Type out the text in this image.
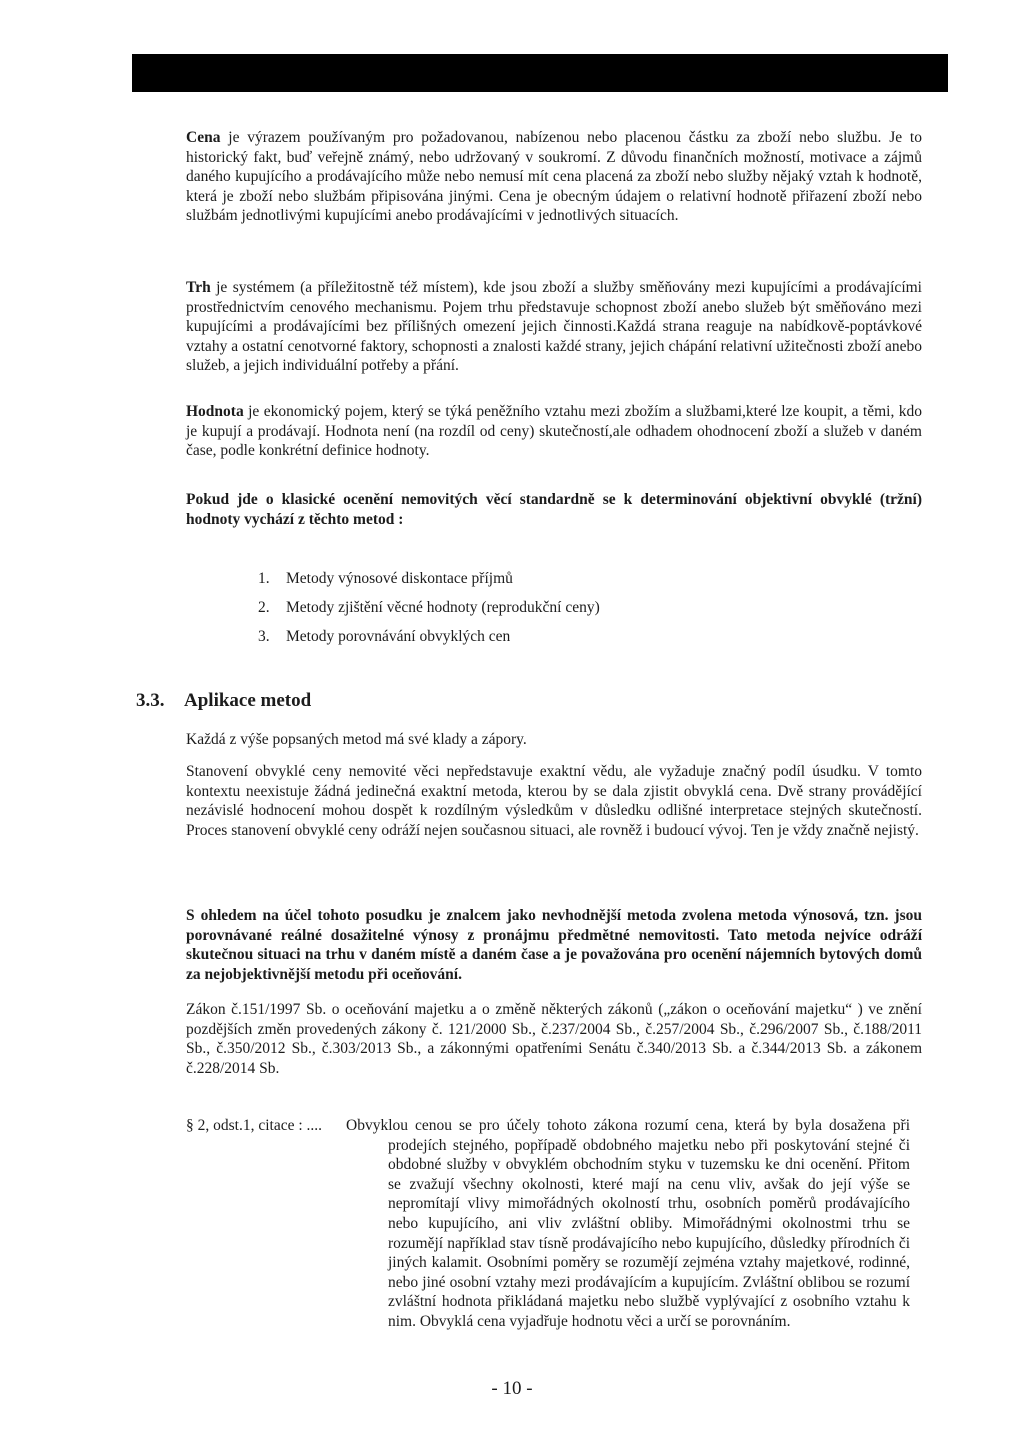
Cena je výrazem používaným pro požadovanou, nabízenou nebo placenou částku za zboží nebo službu. Je to historický fakt, buď veřejně známý, nebo udržovaný v soukromí. Z důvodu finančních možností, motivace a zájmů daného kupujícího a prodávajícího může nebo nemusí mít cena placená za zboží nebo služby nějaký vztah k hodnotě, která je zboží nebo službám připisována jinými. Cena je obecným údajem o relativní hodnotě přiřazení zboží nebo službám jednotlivými kupujícími anebo prodávajícími v jednotlivých situacích.

Trh je systémem (a příležitostně též místem), kde jsou zboží a služby směňovány mezi kupujícími a prodávajícími prostřednictvím cenového mechanismu. Pojem trhu představuje schopnost zboží anebo služeb být směňováno mezi kupujícími a prodávajícími bez přílišných omezení jejich činnosti.Každá strana reaguje na nabídkově-poptávkové vztahy a ostatní cenotvorné faktory, schopnosti a znalosti každé strany, jejich chápání relativní užitečnosti zboží anebo služeb, a jejich individuální potřeby a přání.

Hodnota je ekonomický pojem, který se týká peněžního vztahu mezi zbožím a službami,které lze koupit, a těmi, kdo je kupují a prodávají. Hodnota není (na rozdíl od ceny) skutečností,ale odhadem ohodnocení zboží a služeb v daném čase, podle konkrétní definice hodnoty.

Pokud jde o klasické ocenění nemovitých věcí standardně se k determinování objektivní obvyklé (tržní) hodnoty vychází z těchto metod :

1. Metody výnosové diskontace příjmů
2. Metody zjištění věcné hodnoty (reprodukční ceny)
3. Metody porovnávání obvyklých cen
3.3. Aplikace metod

Každá z výše popsaných metod má své klady a zápory.

Stanovení obvyklé ceny nemovité věci nepředstavuje exaktní vědu, ale vyžaduje značný podíl úsudku. V tomto kontextu neexistuje žádná jedinečná exaktní metoda, kterou by se dala zjistit obvyklá cena. Dvě strany provádějící nezávislé hodnocení mohou dospět k rozdílným výsledkům v důsledku odlišné interpretace stejných skutečností. Proces stanovení obvyklé ceny odráží nejen současnou situaci, ale rovněž i budoucí vývoj. Ten je vždy značně nejistý.

S ohledem na účel tohoto posudku je znalcem jako nevhodnější metoda zvolena metoda výnosová, tzn. jsou porovnávané reálné dosažitelné výnosy z pronájmu předmětné nemovitosti. Tato metoda nejvíce odráží skutečnou situaci na trhu v daném místě a daném čase a je považována pro ocenění nájemních bytových domů za nejobjektivnější metodu při oceňování.

Zákon č.151/1997 Sb. o oceňování majetku a o změně některých zákonů („zákon o oceňování majetku“ ) ve znění pozdějších změn provedených zákony č. 121/2000 Sb., č.237/2004 Sb., č.257/2004 Sb., č.296/2007 Sb., č.188/2011 Sb., č.350/2012 Sb., č.303/2013 Sb., a zákonnými opatřeními Senátu č.340/2013 Sb. a č.344/2013 Sb. a zákonem č.228/2014 Sb.

§ 2, odst.1, citace : .... Obvyklou cenou se pro účely tohoto zákona rozumí cena, která by byla dosažena při prodejích stejného, popřípadě obdobného majetku nebo při poskytování stejné či obdobné služby v obvyklém obchodním styku v tuzemsku ke dni ocenění. Přitom se zvažují všechny okolnosti, které mají na cenu vliv, avšak do její výše se nepromítají vlivy mimořádných okolností trhu, osobních poměrů prodávajícího nebo kupujícího, ani vliv zvláštní obliby. Mimořádnými okolnostmi trhu se rozumějí například stav tísně prodávajícího nebo kupujícího, důsledky přírodních či jiných kalamit. Osobními poměry se rozumějí zejména vztahy majetkové, rodinné, nebo jiné osobní vztahy mezi prodávajícím a kupujícím. Zvláštní oblibou se rozumí zvláštní hodnota přikládaná majetku nebo službě vyplývající z osobního vztahu k nim. Obvyklá cena vyjadřuje hodnotu věci a určí se porovnáním.
- 10 -
